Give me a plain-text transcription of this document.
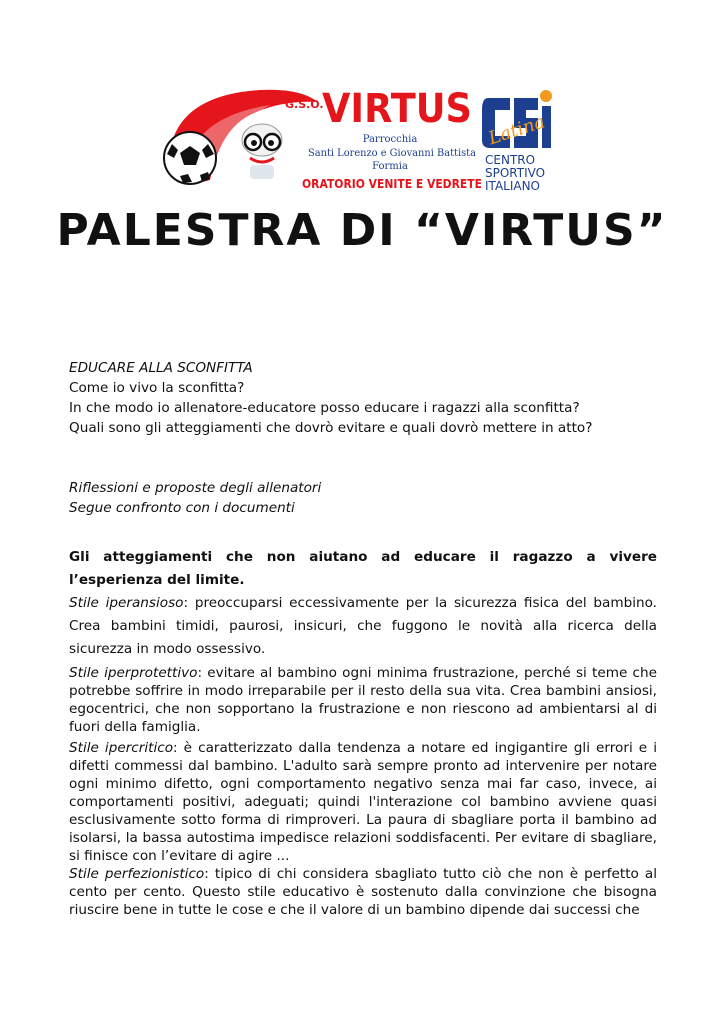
G.S.O.
VIRTUS
Parrocchia
Santi Lorenzo e Giovanni Battista
Formia
ORATORIO VENITE E VEDRETE
Latina
CENTRO
SPORTIVO
ITALIANO
PALESTRA DI “VIRTUS”

EDUCARE ALLA SCONFITTA

Come io vivo la sconfitta?

In che modo io allenatore-educatore posso educare i ragazzi alla sconfitta?

Quali sono gli atteggiamenti che dovrò evitare e quali dovrò mettere in atto?

Riflessioni e proposte degli allenatori

Segue confronto con i documenti

Gli atteggiamenti che non aiutano ad educare il ragazzo a vivere l’esperienza del limite.

Stile iperansioso: preoccuparsi eccessivamente per la sicurezza fisica del bambino. Crea bambini timidi, paurosi, insicuri, che fuggono le novità alla ricerca della sicurezza in modo ossessivo.

Stile iperprotettivo: evitare al bambino ogni minima frustrazione, perché si teme che potrebbe soffrire in modo irreparabile per il resto della sua vita. Crea bambini ansiosi, egocentrici, che non sopportano la frustrazione e non riescono ad ambientarsi al di fuori della famiglia.

Stile ipercritico: è caratterizzato dalla tendenza a notare ed ingigantire gli errori e i difetti commessi dal bambino. L'adulto sarà sempre pronto ad intervenire per notare ogni minimo difetto, ogni comportamento negativo senza mai far caso, invece, ai comportamenti positivi, adeguati; quindi l'interazione col bambino avviene quasi esclusivamente sotto forma di rimproveri. La paura di sbagliare porta il bambino ad isolarsi, la bassa autostima impedisce relazioni soddisfacenti. Per evitare di sbagliare, si finisce con l’evitare di agire ...

Stile perfezionistico: tipico di chi considera sbagliato tutto ciò che non è perfetto al cento per cento. Questo stile educativo è sostenuto dalla convinzione che bisogna riuscire bene in tutte le cose e che il valore di un bambino dipende dai successi che
